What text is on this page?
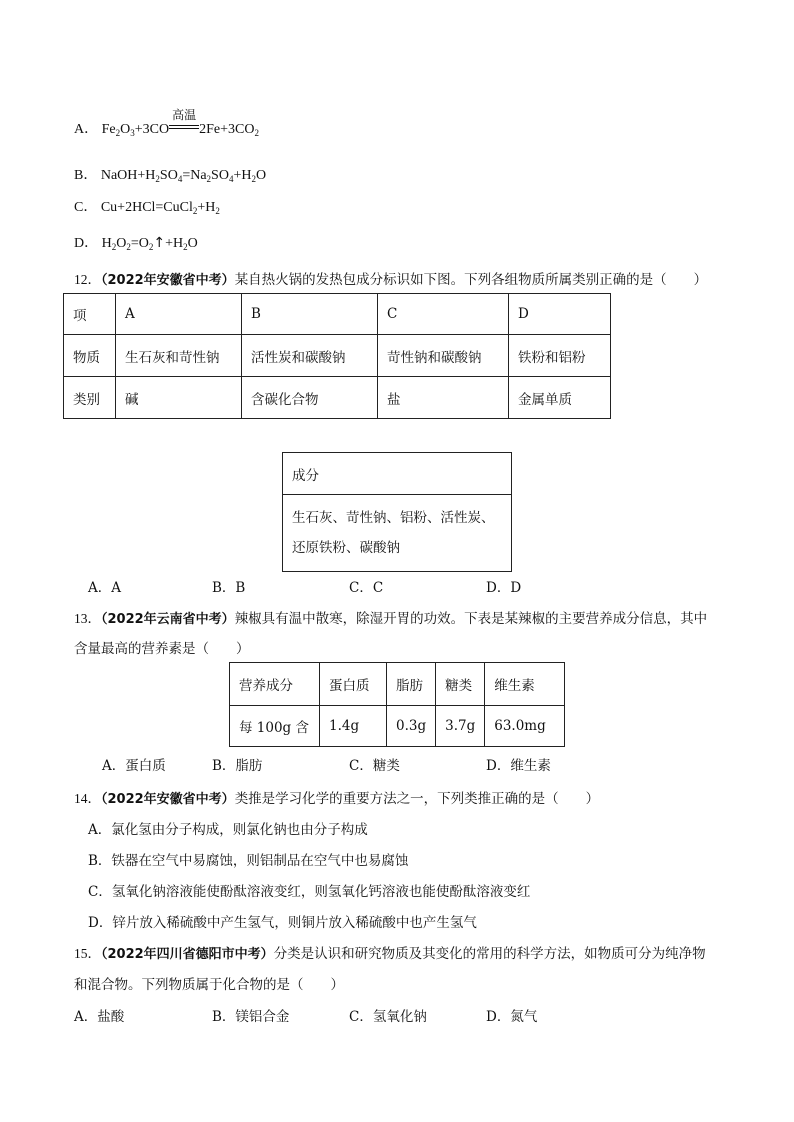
A． $Fe_2O_3+3CO$
高温
$2Fe+3CO_2$
B． $NaOH+H_2SO_4=Na_2SO_4+H_2O$
C． $Cu+2HCl=CuCl_2+H_2$
D． $H_2O_2=O_2↑+H_2O$
12．（2022年安徽省中考）某自热火锅的发热包成分标识如下图。下列各组物质所属类别正确的是（　　）
项	A	B	C	D
物质	生石灰和苛性钠	活性炭和碳酸钠	苛性钠和碳酸钠	铁粉和铝粉
类别	碱	含碳化合物	盐	金属单质
成分

生石灰、苛性钠、铝粉、活性炭、
还原铁粉、碳酸钠
A．A	B．B	C．C	D．D
13．（2022年云南省中考）辣椒具有温中散寒，除湿开胃的功效。下表是某辣椒的主要营养成分信息，其中
含量最高的营养素是（　　）
营养成分	蛋白质	脂肪	糖类	维生素
每 100g 含	1.4g	0.3g	3.7g	63.0mg
A．蛋白质	B．脂肪	C．糖类	D．维生素
14．（2022年安徽省中考）类推是学习化学的重要方法之一，下列类推正确的是（　　）
A．氯化氢由分子构成，则氯化钠也由分子构成
B．铁器在空气中易腐蚀，则铝制品在空气中也易腐蚀
C．氢氧化钠溶液能使酚酞溶液变红，则氢氧化钙溶液也能使酚酞溶液变红
D．锌片放入稀硫酸中产生氢气，则铜片放入稀硫酸中也产生氢气
15．（2022年四川省德阳市中考）分类是认识和研究物质及其变化的常用的科学方法，如物质可分为纯净物
和混合物。下列物质属于化合物的是（　　）
A．盐酸	B．镁铝合金	C．氢氧化钠	D．氮气
